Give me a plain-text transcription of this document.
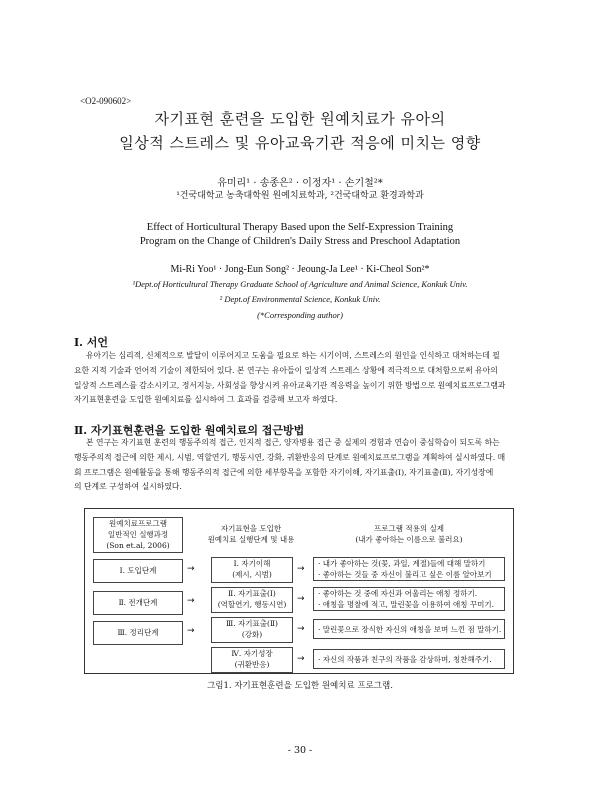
<O2-090602>
자기표현 훈련을 도입한 원예치료가 유아의
일상적 스트레스 및 유아교육기관 적응에 미치는 영향
유미리¹ · 송종은² · 이정자¹ · 손기철²*
¹건국대학교 농축대학원 원예치료학과, ²건국대학교 환경과학과
Effect of Horticultural Therapy Based upon the Self-Expression Training
Program on the Change of Children's Daily Stress and Preschool Adaptation
Mi-Ri Yoo¹ · Jong-Eun Song² · Jeoung-Ja Lee¹ · Ki-Cheol Son²*
¹Dept.of Horticultural Therapy Graduate School of Agriculture and Animal Science, Konkuk Univ.
² Dept.of Environmental Science, Konkuk Univ.
(*Corresponding author)
Ⅰ. 서언
유아기는 심리적, 신체적으로 발달이 이루어지고 도움을 필요로 하는 시기이며, 스트레스의 원인을 인식하고 대처하는데 필
요한 지적 기술과 언어적 기술이 제한되어 있다. 본 연구는 유아들이 일상적 스트레스 상황에 적극적으로 대처함으로써 유아의
일상적 스트레스를 감소시키고, 정서지능, 사회성을 향상시켜 유아교육기관 적응력을 높이기 위한 방법으로 원예치료프로그램과
자기표현훈련을 도입한 원예치료를 실시하여 그 효과를 검증해 보고자 하였다.
Ⅱ. 자기표현훈련을 도입한 원예치료의 접근방법
본 연구는 자기표현 훈련의 행동주의적 접근, 인지적 접근, 양자병용 접근 중 실제의 경험과 연습이 중심학습이 되도록 하는
행동주의적 접근에 의한 제시, 시범, 역할연기, 행동시연, 강화, 귀환반응의 단계로 원예치료프로그램을 계획하여 실시하였다. 매
회 프로그램은 원예활동을 통해 행동주의적 접근에 의한 세부항목을 포함한 자기이해, 자기표출(Ⅰ), 자기표출(Ⅱ), 자기성장에
의 단계로 구성하여 실시하였다.
원예치료프로그램
일반적인 실행과정
(Son et.al, 2006)
자기표현을 도입한
원예치료 실행단계 및 내용
프로그램 적용의 실제
(내가 좋아하는 이름으로 불러요)
Ⅰ. 도입단계
Ⅱ. 전개단계
Ⅲ. 정리단계
→
→
→
Ⅰ. 자기이해
(제시, 시범)
Ⅱ. 자기표출(Ⅰ)
(역할연기, 행동시연)
Ⅲ. 자기표출(Ⅱ)
(강화)
Ⅳ. 자기성장
(귀환반응)
→
→
→
→
· 내가 좋아하는 것(꽃, 과일, 계절)들에 대해 말하기
· 좋아하는 것들 중 자신이 불리고 싶은 이름 알아보기
· 좋아하는 것 중에 자신과 어울리는 애칭 정하기.
· 애칭을 명찰에 적고, 말린꽃을 이용하여 애칭 꾸미기.
· 말린꽃으로 장식한 자신의 애칭을 보며 느낀 점 말하기.
· 자신의 작품과 친구의 작품을 감상하며, 칭찬해주기.
그림1. 자기표현훈련을 도입한 원예치료 프로그램.
- 30 -
